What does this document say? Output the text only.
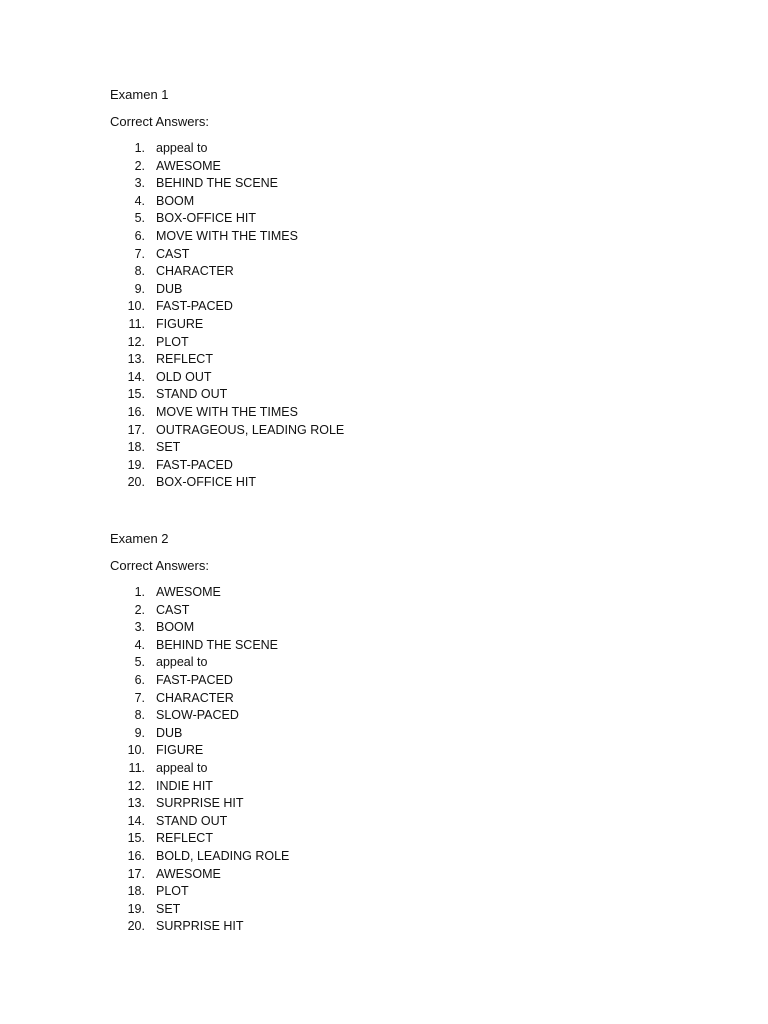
Examen 1

Correct Answers:

1. appeal to
2. AWESOME
3. BEHIND THE SCENE
4. BOOM
5. BOX-OFFICE HIT
6. MOVE WITH THE TIMES
7. CAST
8. CHARACTER
9. DUB
10. FAST-PACED
11. FIGURE
12. PLOT
13. REFLECT
14. OLD OUT
15. STAND OUT
16. MOVE WITH THE TIMES
17. OUTRAGEOUS, LEADING ROLE
18. SET
19. FAST-PACED
20. BOX-OFFICE HIT

Examen 2

Correct Answers:

1. AWESOME
2. CAST
3. BOOM
4. BEHIND THE SCENE
5. appeal to
6. FAST-PACED
7. CHARACTER
8. SLOW-PACED
9. DUB
10. FIGURE
11. appeal to
12. INDIE HIT
13. SURPRISE HIT
14. STAND OUT
15. REFLECT
16. BOLD, LEADING ROLE
17. AWESOME
18. PLOT
19. SET
20. SURPRISE HIT
